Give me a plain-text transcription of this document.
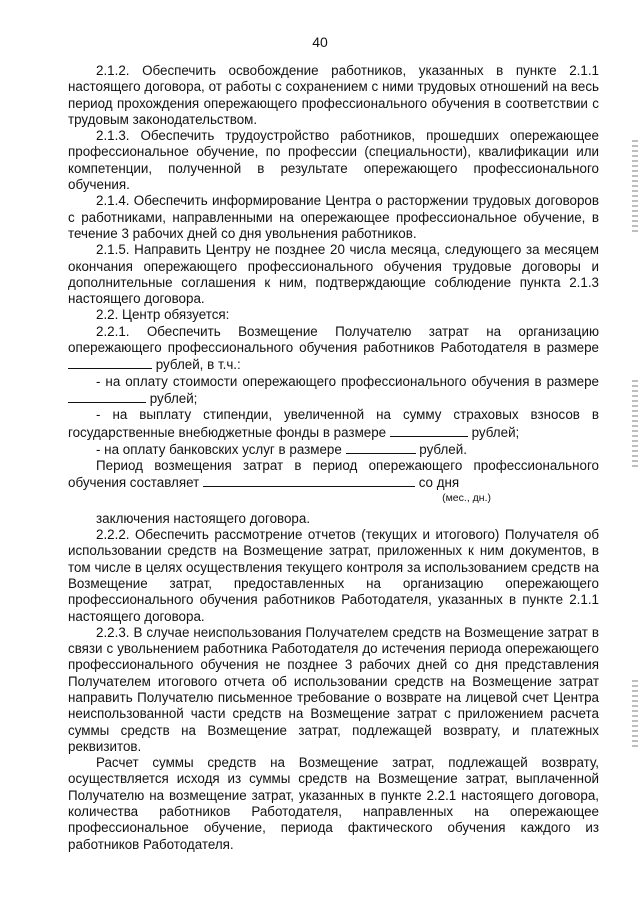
40

2.1.2. Обеспечить освобождение работников, указанных в пункте 2.1.1 настоящего договора, от работы с сохранением с ними трудовых отношений на весь период прохождения опережающего профессионального обучения в соответствии с трудовым законодательством.

2.1.3. Обеспечить трудоустройство работников, прошедших опережающее профессиональное обучение, по профессии (специальности), квалификации или компетенции, полученной в результате опережающего профессионального обучения.

2.1.4. Обеспечить информирование Центра о расторжении трудовых договоров с работниками, направленными на опережающее профессиональное обучение, в течение 3 рабочих дней со дня увольнения работников.

2.1.5. Направить Центру не позднее 20 числа месяца, следующего за месяцем окончания опережающего профессионального обучения трудовые договоры и дополнительные соглашения к ним, подтверждающие соблюдение пункта 2.1.3 настоящего договора.

2.2. Центр обязуется:

2.2.1. Обеспечить Возмещение Получателю затрат на организацию опережающего профессионального обучения работников Работодателя в размере  рублей, в т.ч.:

- на оплату стоимости опережающего профессионального обучения в размере  рублей;

- на выплату стипендии, увеличенной на сумму страховых взносов в государственные внебюджетные фонды в размере	рублей;

- на оплату банковских услуг в размере	рублей.

Период возмещения затрат в период опережающего профессионального обучения составляет	со дня

(мес., дн.)

заключения настоящего договора.

2.2.2. Обеспечить рассмотрение отчетов (текущих и итогового) Получателя об использовании средств на Возмещение затрат, приложенных к ним документов, в том числе в целях осуществления текущего контроля за использованием средств на Возмещение затрат, предоставленных на организацию опережающего профессионального обучения работников Работодателя, указанных в пункте 2.1.1 настоящего договора.

2.2.3. В случае неиспользования Получателем средств на Возмещение затрат в связи с увольнением работника Работодателя до истечения периода опережающего профессионального обучения не позднее 3 рабочих дней со дня представления Получателем итогового отчета об использовании средств на Возмещение затрат направить Получателю письменное требование о возврате на лицевой счет Центра неиспользованной части средств на Возмещение затрат с приложением расчета суммы средств на Возмещение затрат, подлежащей возврату, и платежных реквизитов.

Расчет суммы средств на Возмещение затрат, подлежащей возврату, осуществляется исходя из суммы средств на Возмещение затрат, выплаченной Получателю на возмещение затрат, указанных в пункте 2.2.1 настоящего договора, количества работников Работодателя, направленных на опережающее профессиональное обучение, периода фактического обучения каждого из работников Работодателя.
